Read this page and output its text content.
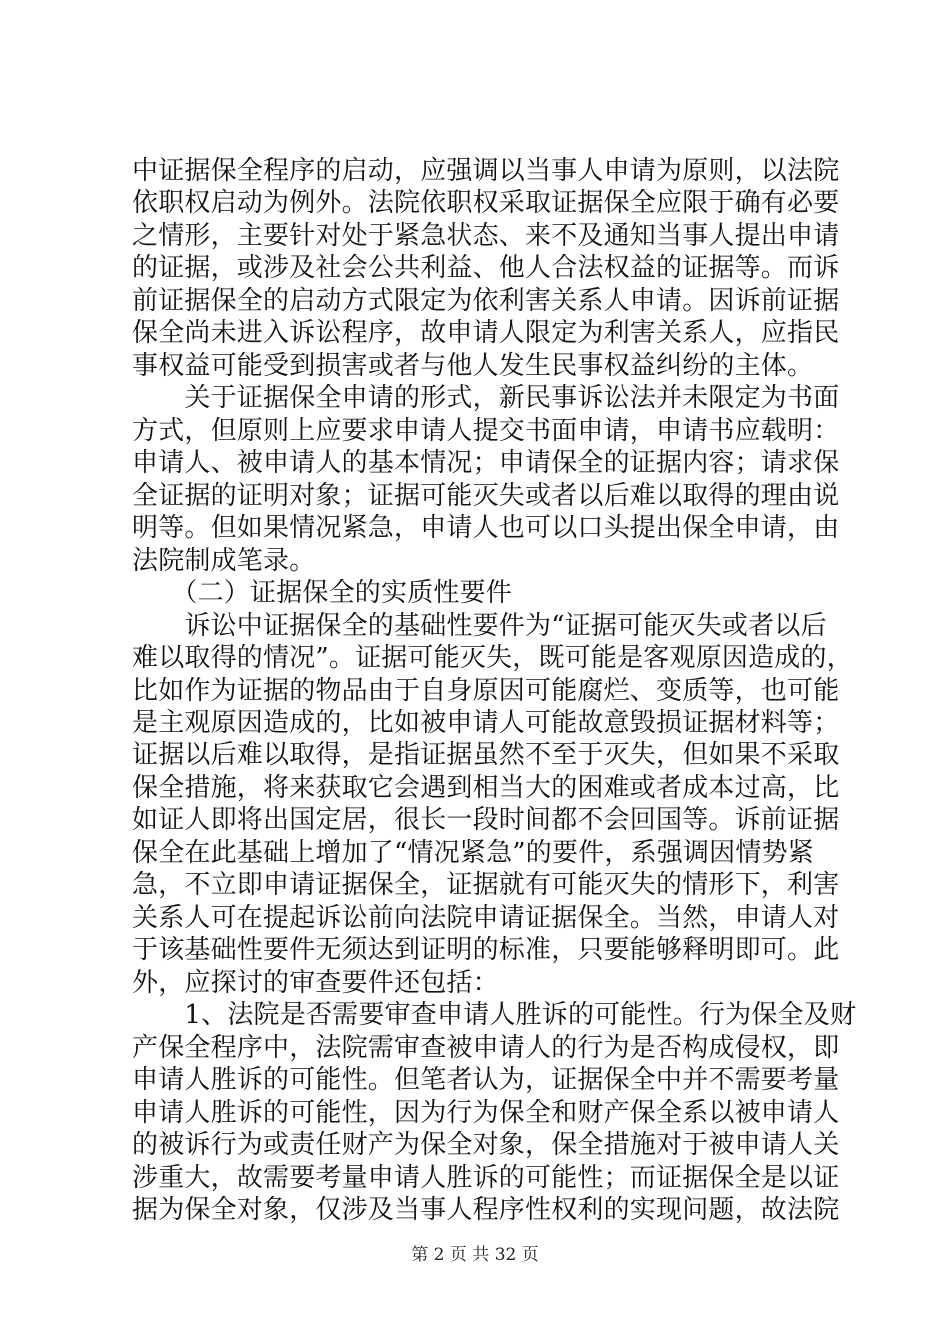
中证据保全程序的启动，应强调以当事人申请为原则，以法院
依职权启动为例外。法院依职权采取证据保全应限于确有必要
之情形，主要针对处于紧急状态、来不及通知当事人提出申请
的证据，或涉及社会公共利益、他人合法权益的证据等。而诉
前证据保全的启动方式限定为依利害关系人申请。因诉前证据
保全尚未进入诉讼程序，故申请人限定为利害关系人，应指民
事权益可能受到损害或者与他人发生民事权益纠纷的主体。
　　关于证据保全申请的形式，新民事诉讼法并未限定为书面
方式，但原则上应要求申请人提交书面申请，申请书应载明：
申请人、被申请人的基本情况；申请保全的证据内容；请求保
全证据的证明对象；证据可能灭失或者以后难以取得的理由说
明等。但如果情况紧急，申请人也可以口头提出保全申请，由
法院制成笔录。
　　（二）证据保全的实质性要件
　　诉讼中证据保全的基础性要件为“证据可能灭失或者以后
难以取得的情况”。证据可能灭失，既可能是客观原因造成的，
比如作为证据的物品由于自身原因可能腐烂、变质等，也可能
是主观原因造成的，比如被申请人可能故意毁损证据材料等；
证据以后难以取得，是指证据虽然不至于灭失，但如果不采取
保全措施，将来获取它会遇到相当大的困难或者成本过高，比
如证人即将出国定居，很长一段时间都不会回国等。诉前证据
保全在此基础上增加了“情况紧急”的要件，系强调因情势紧
急，不立即申请证据保全，证据就有可能灭失的情形下，利害
关系人可在提起诉讼前向法院申请证据保全。当然，申请人对
于该基础性要件无须达到证明的标准，只要能够释明即可。此
外，应探讨的审查要件还包括：
　　1、法院是否需要审查申请人胜诉的可能性。行为保全及财
产保全程序中，法院需审查被申请人的行为是否构成侵权，即
申请人胜诉的可能性。但笔者认为，证据保全中并不需要考量
申请人胜诉的可能性，因为行为保全和财产保全系以被申请人
的被诉行为或责任财产为保全对象，保全措施对于被申请人关
涉重大，故需要考量申请人胜诉的可能性；而证据保全是以证
据为保全对象，仅涉及当事人程序性权利的实现问题，故法院
第 2 页 共 32 页
